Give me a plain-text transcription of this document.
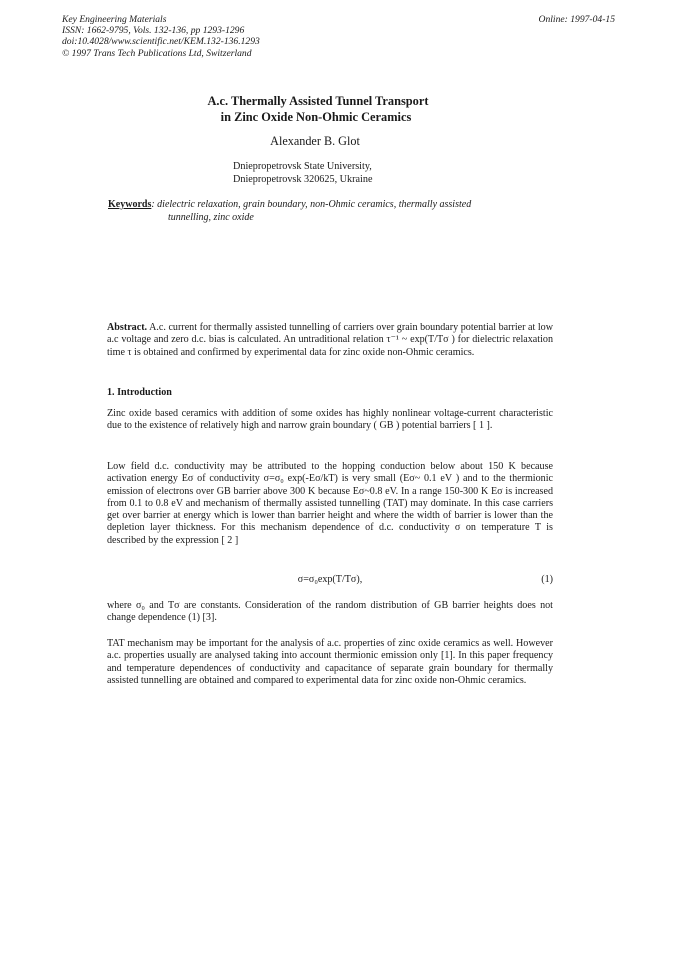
Key Engineering Materials
ISSN: 1662-9795, Vols. 132-136, pp 1293-1296
doi:10.4028/www.scientific.net/KEM.132-136.1293
© 1997 Trans Tech Publications Ltd, Switzerland
Online: 1997-04-15
A.c. Thermally Assisted Tunnel Transport
in Zinc Oxide Non-Ohmic Ceramics
Alexander B. Glot
Dniepropetrovsk State University,
Dniepropetrovsk 320625, Ukraine
Keywords: dielectric relaxation, grain boundary, non-Ohmic ceramics, thermally assisted
tunnelling, zinc oxide
Abstract. A.c. current for thermally assisted tunnelling of carriers over grain boundary potential barrier at low a.c voltage and zero d.c. bias is calculated. An untraditional relation τ⁻¹ ~ exp(T/Tσ ) for dielectric relaxation time τ is obtained and confirmed by experimental data for zinc oxide non-Ohmic ceramics.
1. Introduction
Zinc oxide based ceramics with addition of some oxides has highly nonlinear voltage-current characteristic due to the existence of relatively high and narrow grain boundary ( GB ) potential barriers [ 1 ].
Low field d.c. conductivity may be attributed to the hopping conduction below about 150 K because activation energy Eσ of conductivity σ=σ₀ exp(-Eσ/kT) is very small (Eσ~ 0.1 eV ) and to the thermionic emission of electrons over GB barrier above 300 K because Eσ~0.8 eV. In a range 150-300 K Eσ is increased from 0.1 to 0.8 eV and mechanism of thermally assisted tunnelling (TAT) may dominate. In this case carriers get over barrier at energy which is lower than barrier height and where the width of barrier is lower than the depletion layer thickness. For this mechanism dependence of d.c. conductivity σ on temperature T is described by the expression [ 2 ]
σ=σ₀exp(T/Tσ),	(1)
where σ₀ and Tσ are constants. Consideration of the random distribution of GB barrier heights does not change dependence (1) [3].
TAT mechanism may be important for the analysis of a.c. properties of zinc oxide ceramics as well. However a.c. properties usually are analysed taking into account thermionic emission only [1]. In this paper frequency and temperature dependences of conductivity and capacitance of separate grain boundary for thermally assisted tunnelling are obtained and compared to experimental data for zinc oxide non-Ohmic ceramics.
